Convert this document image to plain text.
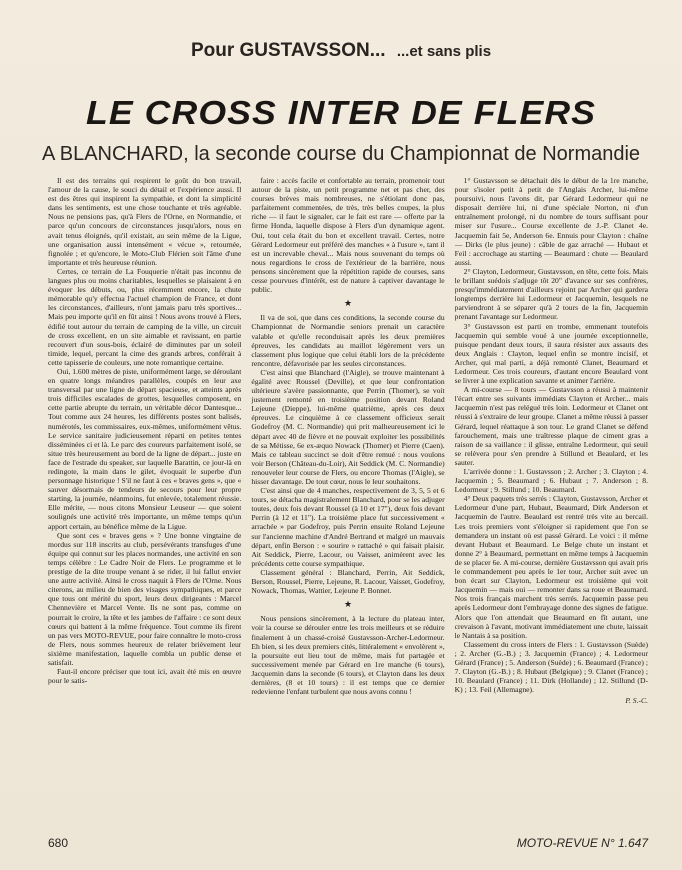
Pour GUSTAVSSON... ...et sans plis
LE CROSS INTER DE FLERS
A BLANCHARD, la seconde course du Championnat de Normandie

Il est des terrains qui respirent le goût du bon travail, l'amour de la cause, le souci du détail et l'expérience aussi. Il est des êtres qui inspirent la sympathie, et dont la simplicité dans les sentiments, est une chose touchante et très agréable. Nous ne pensions pas, qu'à Flers de l'Orne, en Normandie, et parce qu'un concours de circonstances jusqu'alors, nous en avait tenus éloignés, qu'il existait, au sein même de la Ligue, une organisation aussi intensément « vécue », retournée, fignolée ; et qu'encore, le Moto-Club Flérien soit l'âme d'une importante et très heureuse réunion.

Certes, ce terrain de La Fouquerie n'était pas inconnu de langues plus ou moins charitables, lesquelles se plaisaient à en évoquer les débuts, ou, plus récemment encore, la chute mémorable qu'y effectua l'actuel champion de France, et dont les circonstances, d'ailleurs, n'ont jamais paru très sportives... Mais peu importe qu'il en fût ainsi ! Nous avons trouvé à Flers, édifié tout autour du terrain de camping de la ville, un circuit de cross excellent, en un site aimable et ravissant, en partie recouvert d'un sous-bois, éclairé de diminutes par un soleil timide, lequel, percant la cime des grands arbres, conférait à cette tapisserie de couleurs, une note romantique certaine.

Oui, 1.600 mètres de piste, uniformément large, se déroulant en quatre longs méandres parallèles, coupés en leur axe transversal par une ligne de départ spacieuse, et atteints après trois difficiles escalades de grottes, lesquelles composent, en cette partie abrupte du terrain, un véritable décor Dantesque... Tout comme aux 24 heures, les différents postes sont balisés, numérotés, les commissaires, eux-mêmes, uniformément vêtus. Le service sanitaire judicieusement réparti en petites tentes disséminées ci et là. Le parc des coureurs parfaitement isolé, se situe très heureusement au bord de la ligne de départ... juste en face de l'estrade du speaker, sur laquelle Barattin, ce jour-là en redingote, la main dans le gilet, évoquait le superbe d'un personnage historique ! S'il ne faut à ces « braves gens », que « sauver désormais de tendeurs de secours pour leur propre starting, la journée, néanmoins, fut enlevée, totalement réussie. Elle mérite, — nous citons Monsieur Leuseur — que soient soulignés une activité très importante, un même temps qu'un apport certain, au bénéfice même de la Ligue.

Que sont ces « braves gens » ? Une bonne vingtaine de mordus sur 118 inscrits au club, persévérants transfuges d'une équipe qui connut sur les places normandes, une activité en son temps célèbre : Le Cadre Noir de Flers. Le programme et le prestige de la dite troupe venant à se rider, il lui fallut envier une autre activité. Ainsi le cross naquit à Flers de l'Orne. Nous citerons, au milieu de bien des visages sympathiques, et parce que tous ont mérité du sport, leurs deux dirigeants : Marcel Chennevière et Marcel Vente. Ils ne sont pas, comme on pourrait le croire, la tête et les jambes de l'affaire : ce sont deux cœurs qui battent à la même fréquence. Tout comme ils firent un pas vers MOTO-REVUE, pour faire connaître le moto-cross de Flers, nous sommes heureux de relater brièvement leur sixième manifestation, laquelle combla un public dense et satisfait.

Faut-il encore préciser que tout ici, avait été mis en œuvre pour le satis-

faire : accès facile et confortable au terrain, promenoir tout autour de la piste, un petit programme net et pas cher, des courses brèves mais nombreuses, ne s'étiolant donc pas, parfaitement commentées, de très, très belles coupes, la plus riche — il faut le signaler, car le fait est rare — offerte par la firme Honda, laquelle dispose à Flers d'un dynamique agent. Oui, tout cela était du bon et excellent travail. Certes, notre Gérard Ledormeur eut préféré des manches « à l'usure », tant il est un increvable cheval... Mais nous souvenant du temps où nous regardions le cross de l'extérieur de la barrière, nous pensons sincèrement que la répétition rapide de courses, sans cesse pourvues d'intérêt, est de nature à captiver davantage le public.

★

Il va de soi, que dans ces conditions, la seconde course du Championnat de Normandie seniors prenait un caractère valable et qu'elle reconduisait après les deux premières épreuves, les candidats au maillot légèrement vers un classement plus logique que celui établi lors de la précédente rencontre, défavorisée par les seules circonstances.

C'est ainsi que Blanchard (l'Aigle), se trouve maintenant à égalité avec Roussel (Deville), et que leur confrontation ultérieure s'avère passionnante, que Perrin (Thomer), se voit justement remonté en troisième position devant Roland Lejeune (Dieppe), lui-même quatrième, après ces deux épreuves. Le cinquième à ce classement officieux serait Godefroy (M. C. Normandie) qui prit malheureusement ici le départ avec 40 de fièvre et ne pouvait exploiter les possibilités de sa Métisse, 6e ex-æquo Nowack (Thomer) et Pierre (Caen). Mais ce tableau succinct se doit d'être remué : nous voulons voir Berson (Château-du-Loir), Ait Seddick (M. C. Normandie) renouveler leur course de Flers, ou encore Thomas (l'Aigle), se hisser davantage. De tout cœur, nous le leur souhaitons.

C'est ainsi que de 4 manches, respectivement de 3, 5, 5 et 6 tours, se détacha magistralement Blanchard, pour se les adjuger toutes, deux fois devant Roussel (à 10 et 17"), deux fois devant Perrin (à 12 et 11"). La troisième place fut successivement « arrachée » par Godefroy, puis Perrin ensuite Roland Lejeune sur l'ancienne machine d'André Bertrand et malgré un mauvais départ, enfin Berson : « sourire » rattaché » qui faisait plaisir. Ait Seddick, Pierre, Lacour, ou Vaisset, animèrent avec les précédents cette course sympathique.

Classement général : Blanchard, Perrin, Ait Seddick, Berson, Roussel, Pierre, Lejeune, R. Lacour, Vaisset, Godefroy, Nowack, Thomas, Wattier, Lejeune P. Bonnet.

★

Nous pensions sincèrement, à la lecture du plateau inter, voir la course se dérouler entre les trois meilleurs et se réduire finalement à un chassé-croisé Gustavsson-Archer-Ledormeur. Eh bien, si les deux premiers cités, littéralement « envolèrent », la poursuite eut lieu tout de même, mais fut partagée et successivement menée par Gérard en 1re manche (6 tours), Jacquemin dans la seconde (6 tours), et Clayton dans les deux dernières, (8 et 10 tours) : il est temps que ce dernier redevienne l'enfant turbulent que nous avons connu !

1° Gustavsson se détachait dès le début de la 1re manche, pour s'isoler petit à petit de l'Anglais Archer, lui-même poursuivi, nous l'avons dit, par Gérard Ledormeur qui ne disposait derrière lui, ni d'une spéciale Norton, ni d'un entraînement prolongé, ni du nombre de tours suffisant pour miser sur l'usure... Course excellente de J.-P. Clanet 4e. Jacquemin fait 5e, Anderson 6e. Ennuis pour Clayton : chaîne — Dirks (le plus jeune) : câble de gaz arraché — Hubaut et Feil : accrochage au starting — Beaumard : chute — Beaulard aussi.

2° Clayton, Ledormeur, Gustavsson, en tête, cette fois. Mais le brillant suédois s'adjuge tôt 20" d'avance sur ses confrères, presqu'immédiatement d'ailleurs rejoint par Archer qui gardera longtemps derrière lui Ledormeur et Jacquemin, lesquels ne parviendront à se séparer qu'à 2 tours de la fin, Jacquemin prenant l'avantage sur Ledormeur.

3° Gustavsson est parti en trombe, emmenant toutefois Jacquemin qui semble voué à une journée exceptionnelle, puisque pendant deux tours, il saura résister aux assauts des deux Anglais : Clayton, lequel enfin se montre incisif, et Archer, qui mal parti, a déjà remonté Clanet, Beaumard et Ledormeur. Ces trois coureurs, d'autant encore Beaulard vont se livrer à une explication savante et animer l'arrière.

A mi-course — 8 tours — Gustavsson a réussi à maintenir l'écart entre ses suivants immédiats Clayton et Archer... mais Jacquemin n'est pas relégué très loin. Ledormeur et Clanet ont réussi à s'extraire de leur groupe. Clanet a même réussi à passer Gérard, lequel réattaque à son tour. Le grand Clanet se défend farouchement, mais une traîtresse plaque de ciment gras a raison de sa vaillance : il glisse, entraîne Ledormeur, qui seuil se relèvera pour s'en prendre à Stillund et Beaulard, et les sauter.

L'arrivée donne : 1. Gustavsson ; 2. Archer ; 3. Clayton ; 4. Jacquemin ; 5. Beaumard ; 6. Hubaut ; 7. Anderson ; 8. Ledormeur ; 9. Stillund ; 10. Beaumard.

4° Deux paquets très serrés : Clayton, Gustavsson, Archer et Ledormeur d'une part, Hubaut, Beaumard, Dirk Anderson et Jacquemin de l'autre. Beaulard est rentré très vite au bercail. Les trois premiers vont s'éloigner si rapidement que l'on se demandera un instant où est passé Gérard. Le voici : il même devant Hubaut et Beaumard. Le Belge chute un instant et donne 2° à Beaumard, permettant en même temps à Jacquemin de se placer 6e. A mi-course, dernière Gustavsson qui avait pris le commandement peu après le 1er tour, Archer suit avec un bon écart sur Clayton, Ledormeur est troisième qui voit Jacquemin — mais oui — remonter dans sa roue et Beaumard. Nos trois français marchent très serrés. Jacquemin passe peu après Ledormeur dont l'embrayage donne des signes de fatigue. Alors que l'on attendait que Beaumard en fît autant, une crevaison à l'avant, motivant immédiatement une chute, laissait le Nantais à sa position.

Classement du cross inters de Flers : 1. Gustavsson (Suède) ; 2. Archer (G.-B.) ; 3. Jacquemin (France) ; 4. Ledormeur Gérard (France) ; 5. Anderson (Suède) ; 6. Beaumard (France) ; 7. Clayton (G.-B.) ; 8. Hubaut (Belgique) ; 9. Clanet (France) ; 10. Beaulard (France) ; 11. Dirk (Hollande) ; 12. Stillund (D-K) ; 13. Feil (Allemagne).

P. S.-C.

680	MOTO-REVUE N° 1.647
